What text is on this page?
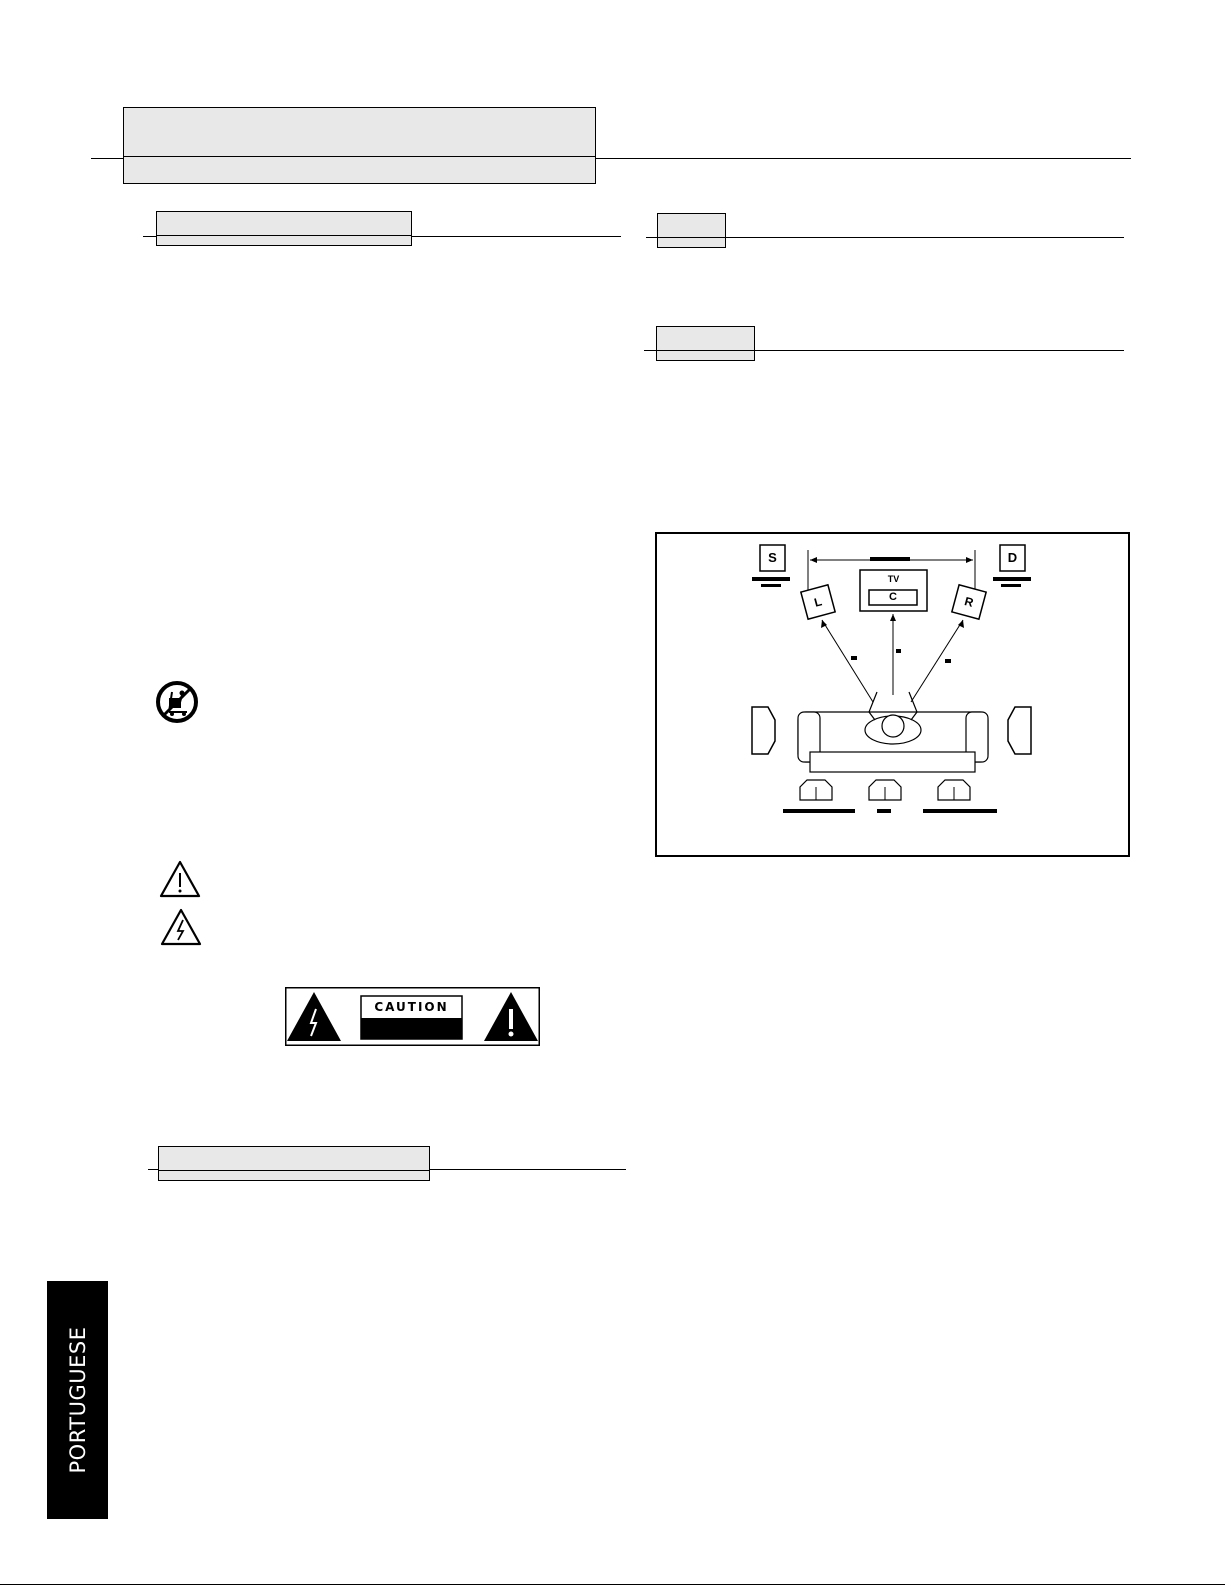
CAUTION
S	D
TV
C
L	R
PORTUGUESE
